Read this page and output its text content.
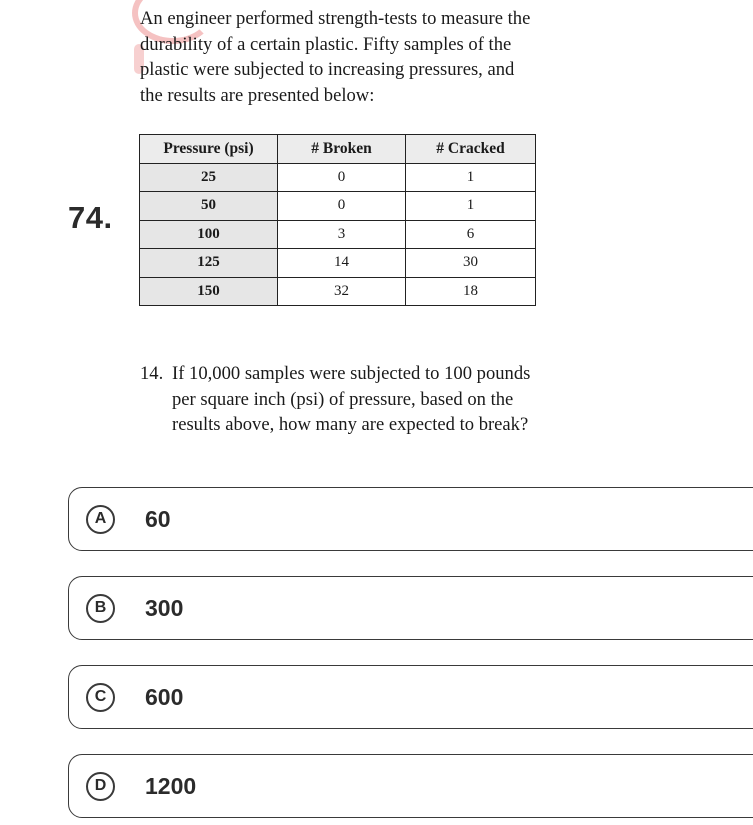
74.
An engineer performed strength-tests to measure the
durability of a certain plastic. Fifty samples of the
plastic were subjected to increasing pressures, and
the results are presented below:
Pressure (psi)	# Broken	# Cracked
25	0	1
50	0	1
100	3	6
125	14	30
150	32	18
14. If 10,000 samples were subjected to 100 pounds
per square inch (psi) of pressure, based on the
results above, how many are expected to break?
A	60
B	300
C	600
D	1200
